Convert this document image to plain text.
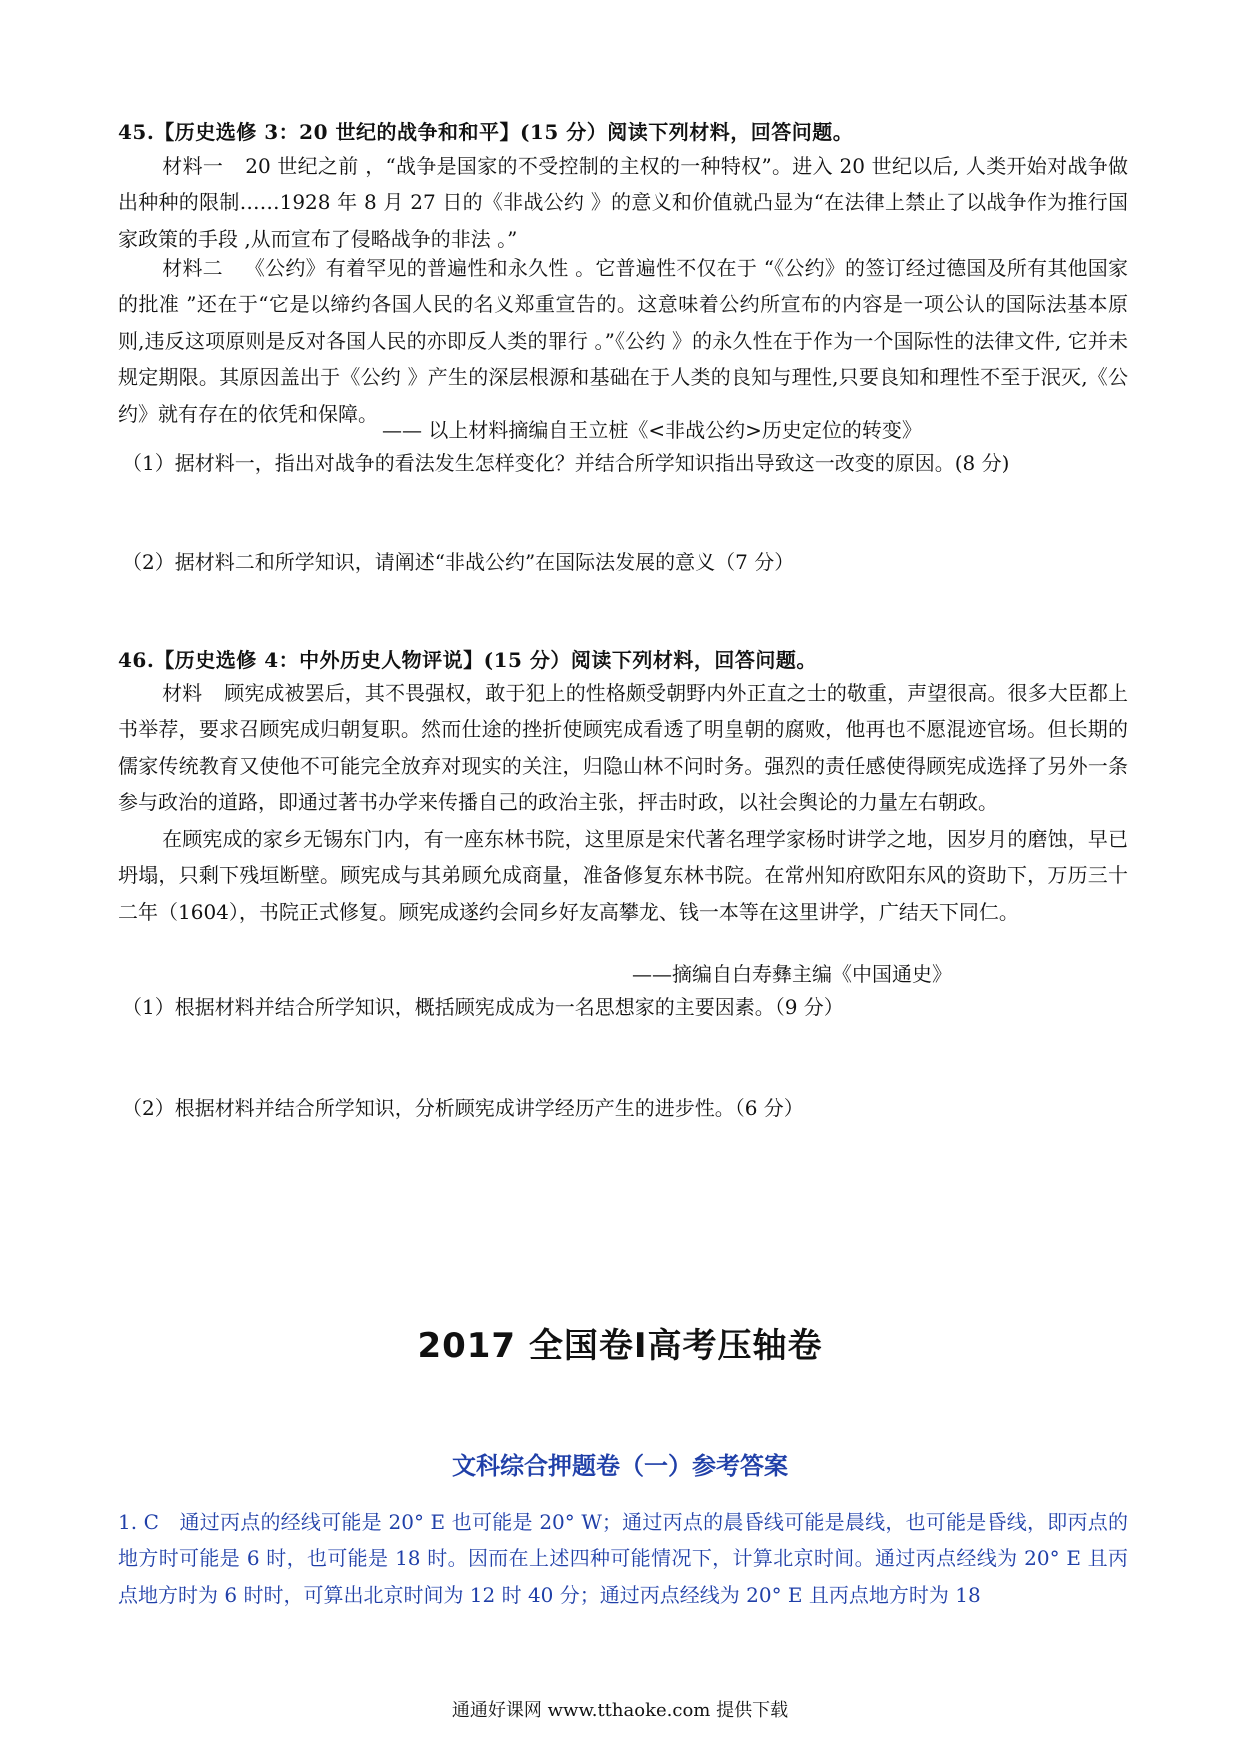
45.【历史选修 3：20 世纪的战争和和平】(15 分）阅读下列材料，回答问题。
材料一 20 世纪之前 ，“战争是国家的不受控制的主权的一种特权”。进入 20 世纪以后, 人类开始对战争做出种种的限制……1928 年 8 月 27 日的《非战公约 》的意义和价值就凸显为“在法律上禁止了以战争作为推行国家政策的手段 ,从而宣布了侵略战争的非法 。”
材料二 《公约》有着罕见的普遍性和永久性 。它普遍性不仅在于 “《公约》的签订经过德国及所有其他国家的批准 ”还在于“它是以缔约各国人民的名义郑重宣告的。这意味着公约所宣布的内容是一项公认的国际法基本原则,违反这项原则是反对各国人民的亦即反人类的罪行 。”《公约 》的永久性在于作为一个国际性的法律文件, 它并未规定期限。其原因盖出于《公约 》产生的深层根源和基础在于人类的良知与理性,只要良知和理性不至于泯灭,《公约》就有存在的依凭和保障。
—— 以上材料摘编自王立桩《<非战公约>历史定位的转变》
（1）据材料一，指出对战争的看法发生怎样变化？并结合所学知识指出导致这一改变的原因。(8 分)
（2）据材料二和所学知识，请阐述“非战公约”在国际法发展的意义（7 分）
46.【历史选修 4：中外历史人物评说】(15 分）阅读下列材料，回答问题。
材料 顾宪成被罢后，其不畏强权，敢于犯上的性格颇受朝野内外正直之士的敬重，声望很高。很多大臣都上书举荐，要求召顾宪成归朝复职。然而仕途的挫折使顾宪成看透了明皇朝的腐败，他再也不愿混迹官场。但长期的儒家传统教育又使他不可能完全放弃对现实的关注，归隐山林不问时务。强烈的责任感使得顾宪成选择了另外一条参与政治的道路，即通过著书办学来传播自己的政治主张，抨击时政，以社会舆论的力量左右朝政。
在顾宪成的家乡无锡东门内，有一座东林书院，这里原是宋代著名理学家杨时讲学之地，因岁月的磨蚀，早已坍塌，只剩下残垣断壁。顾宪成与其弟顾允成商量，准备修复东林书院。在常州知府欧阳东风的资助下，万历三十二年（1604），书院正式修复。顾宪成遂约会同乡好友高攀龙、钱一本等在这里讲学，广结天下同仁。
——摘编自白寿彝主编《中国通史》
（1）根据材料并结合所学知识，概括顾宪成成为一名思想家的主要因素。（9 分）
（2）根据材料并结合所学知识，分析顾宪成讲学经历产生的进步性。（6 分）
2017 全国卷Ⅰ高考压轴卷
文科综合押题卷（一）参考答案
1. C　通过丙点的经线可能是 20° E 也可能是 20° W；通过丙点的晨昏线可能是晨线，也可能是昏线，即丙点的地方时可能是 6 时，也可能是 18 时。因而在上述四种可能情况下，计算北京时间。通过丙点经线为 20° E 且丙点地方时为 6 时时，可算出北京时间为 12 时 40 分；通过丙点经线为 20° E 且丙点地方时为 18
通通好课网 www.tthaoke.com 提供下载
